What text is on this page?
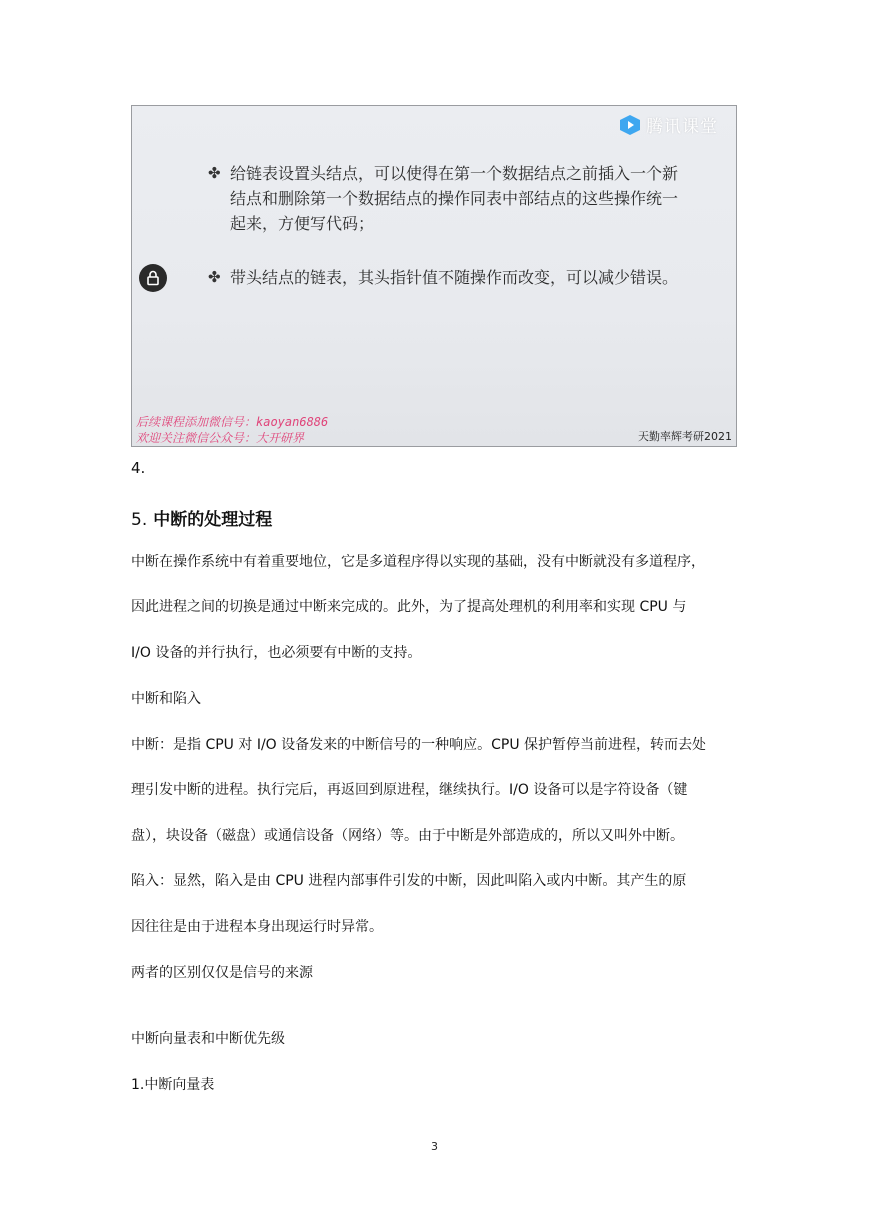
腾讯课堂
✤ 给链表设置头结点，可以使得在第一个数据结点之前插入一个新结点和删除第一个数据结点的操作同表中部结点的这些操作统一起来，方便写代码；
✤ 带头结点的链表，其头指针值不随操作而改变，可以减少错误。
后续课程添加微信号：kaoyan6886
欢迎关注微信公众号：大开研界	天勤率辉考研2021
4.
5. 中断的处理过程
中断在操作系统中有着重要地位，它是多道程序得以实现的基础，没有中断就没有多道程序，
因此进程之间的切换是通过中断来完成的。此外，为了提高处理机的利用率和实现 CPU 与
I/O 设备的并行执行，也必须要有中断的支持。
中断和陷入
中断：是指 CPU 对 I/O 设备发来的中断信号的一种响应。CPU 保护暂停当前进程，转而去处
理引发中断的进程。执行完后，再返回到原进程，继续执行。I/O 设备可以是字符设备（键
盘），块设备（磁盘）或通信设备（网络）等。由于中断是外部造成的，所以又叫外中断。
陷入：显然，陷入是由 CPU 进程内部事件引发的中断，因此叫陷入或内中断。其产生的原
因往往是由于进程本身出现运行时异常。
两者的区别仅仅是信号的来源
中断向量表和中断优先级
1.中断向量表
3
